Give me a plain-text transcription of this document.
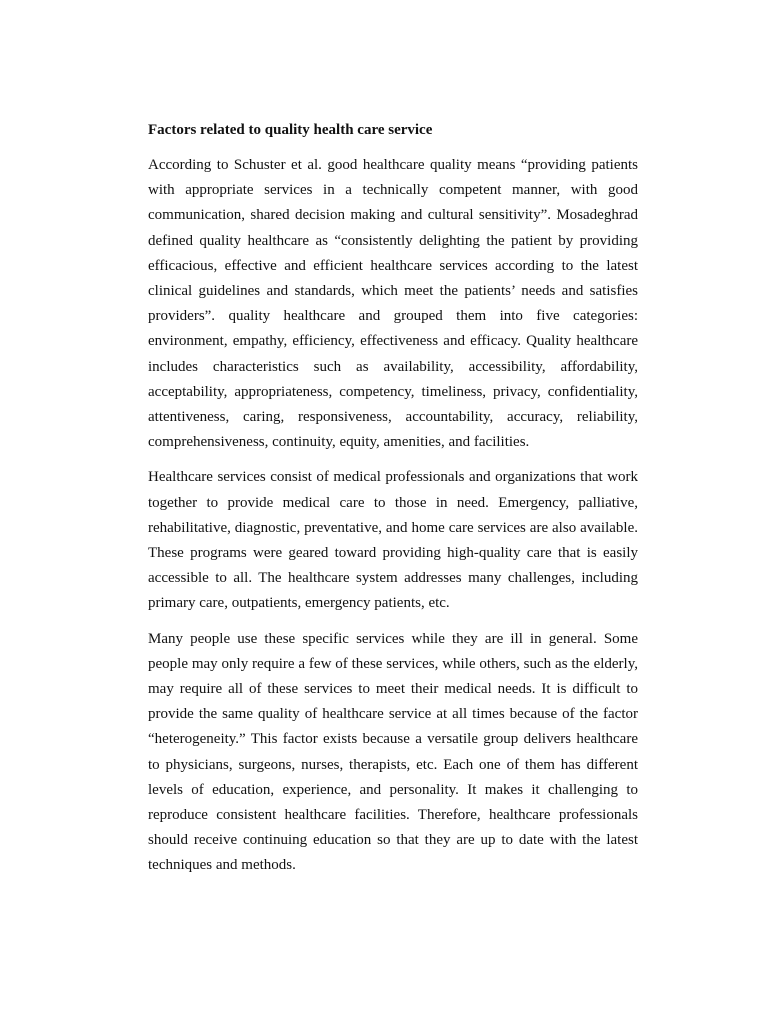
Factors related to quality health care service

According to Schuster et al. good healthcare quality means “providing patients with appropriate services in a technically competent manner, with good communication, shared decision making and cultural sensitivity”. Mosadeghrad defined quality healthcare as “consistently delighting the patient by providing efficacious, effective and efficient healthcare services according to the latest clinical guidelines and standards, which meet the patients’ needs and satisfies providers”. quality healthcare and grouped them into five categories: environment, empathy, efficiency, effectiveness and efficacy. Quality healthcare includes characteristics such as availability, accessibility, affordability, acceptability, appropriateness, competency, timeliness, privacy, confidentiality, attentiveness, caring, responsiveness, accountability, accuracy, reliability, comprehensiveness, continuity, equity, amenities, and facilities.

Healthcare services consist of medical professionals and organizations that work together to provide medical care to those in need. Emergency, palliative, rehabilitative, diagnostic, preventative, and home care services are also available. These programs were geared toward providing high-quality care that is easily accessible to all. The healthcare system addresses many challenges, including primary care, outpatients, emergency patients, etc.

Many people use these specific services while they are ill in general. Some people may only require a few of these services, while others, such as the elderly, may require all of these services to meet their medical needs. It is difficult to provide the same quality of healthcare service at all times because of the factor “heterogeneity.” This factor exists because a versatile group delivers healthcare to physicians, surgeons, nurses, therapists, etc. Each one of them has different levels of education, experience, and personality. It makes it challenging to reproduce consistent healthcare facilities. Therefore, healthcare professionals should receive continuing education so that they are up to date with the latest techniques and methods.
